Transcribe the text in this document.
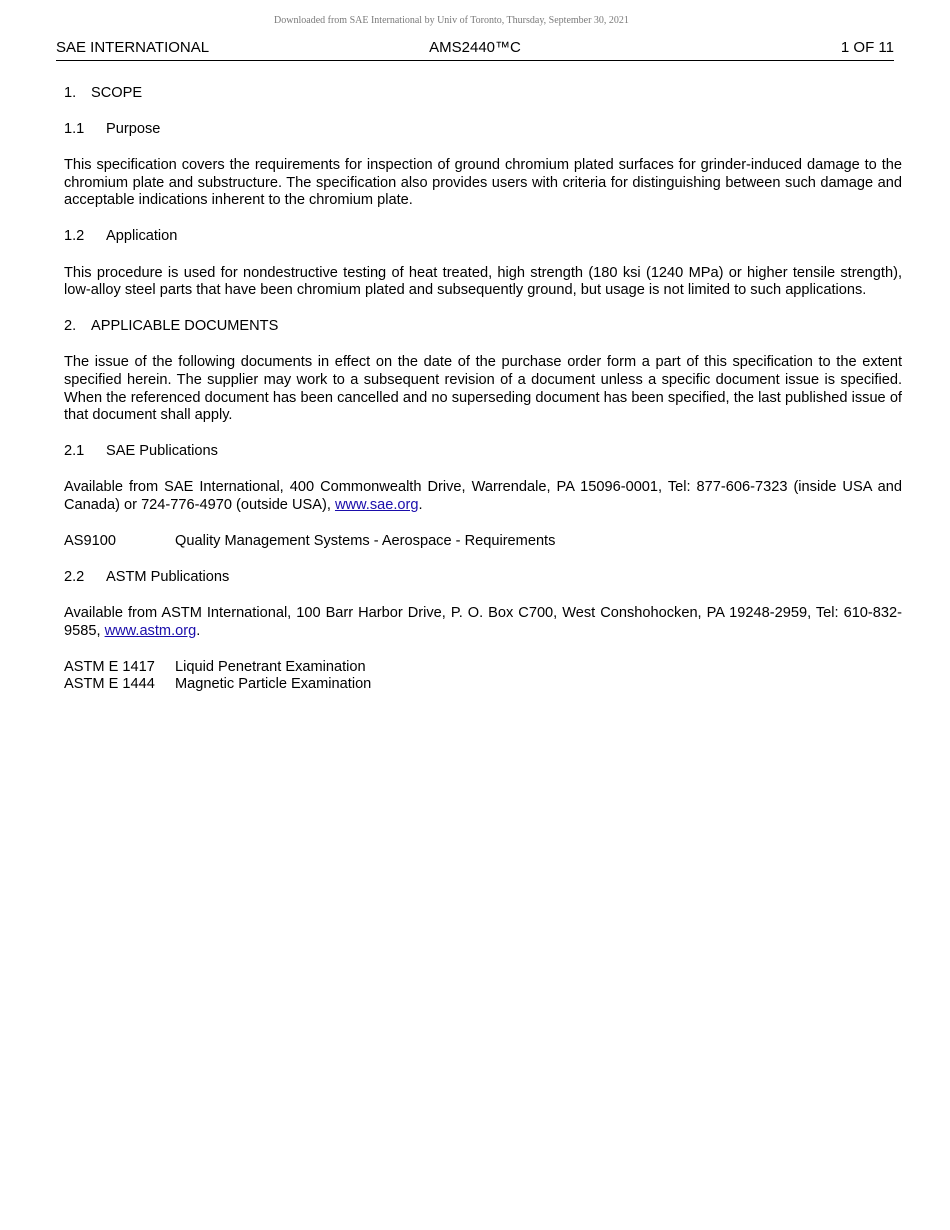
Downloaded from SAE International by Univ of Toronto, Thursday, September 30, 2021
SAE INTERNATIONAL	AMS2440™C	1 OF 11
1. SCOPE
1.1 Purpose

This specification covers the requirements for inspection of ground chromium plated surfaces for grinder-induced damage to the chromium plate and substructure. The specification also provides users with criteria for distinguishing between such damage and acceptable indications inherent to the chromium plate.

1.2 Application

This procedure is used for nondestructive testing of heat treated, high strength (180 ksi (1240 MPa) or higher tensile strength), low-alloy steel parts that have been chromium plated and subsequently ground, but usage is not limited to such applications.

2. APPLICABLE DOCUMENTS

The issue of the following documents in effect on the date of the purchase order form a part of this specification to the extent specified herein. The supplier may work to a subsequent revision of a document unless a specific document issue is specified. When the referenced document has been cancelled and no superseding document has been specified, the last published issue of that document shall apply.

2.1 SAE Publications

Available from SAE International, 400 Commonwealth Drive, Warrendale, PA 15096-0001, Tel: 877-606-7323 (inside USA and Canada) or 724-776-4970 (outside USA), www.sae.org.

AS9100	Quality Management Systems - Aerospace - Requirements
2.2 ASTM Publications

Available from ASTM International, 100 Barr Harbor Drive, P. O. Box C700, West Conshohocken, PA 19248-2959, Tel: 610-832-9585, www.astm.org.

ASTM E 1417	Liquid Penetrant Examination
ASTM E 1444	Magnetic Particle Examination
